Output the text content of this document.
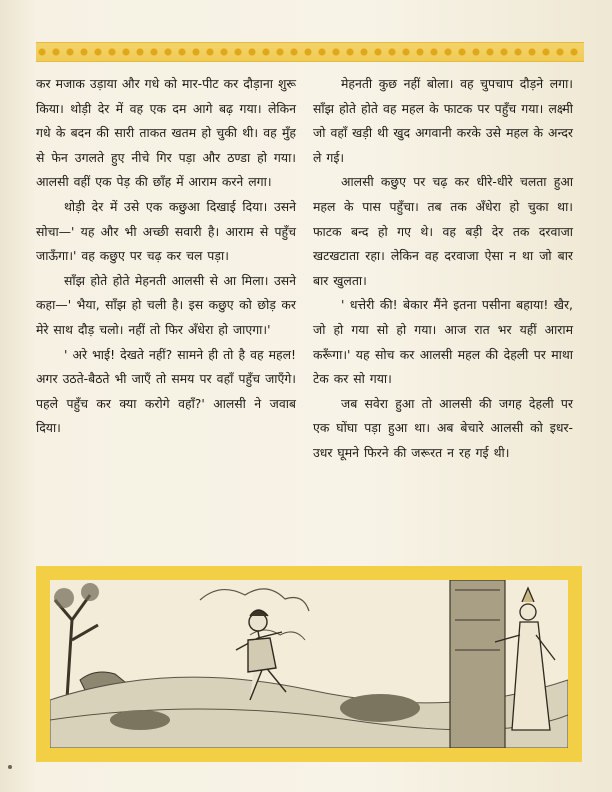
कर मजाक उड़ाया और गधे को मार-पीट कर दौड़ाना शुरू किया। थोड़ी देर में वह एक दम आगे बढ़ गया। लेकिन गधे के बदन की सारी ताकत खतम हो चुकी थी। वह मुँह से फेन उगलते हुए नीचे गिर पड़ा और ठण्डा हो गया। आलसी वहीं एक पेड़ की छाँह में आराम करने लगा।

थोड़ी देर में उसे एक कछुआ दिखाई दिया। उसने सोचा—' यह और भी अच्छी सवारी है। आराम से पहुँच जाऊँगा।' वह कछुए पर चढ़ कर चल पड़ा।

साँझ होते होते मेहनती आलसी से आ मिला। उसने कहा—' भैया, साँझ हो चली है। इस कछुए को छोड़ कर मेरे साथ दौड़ चलो। नहीं तो फिर अँधेरा हो जाएगा।'

' अरे भाई! देखते नहीं? सामने ही तो है वह महल! अगर उठते-बैठते भी जाएँ तो समय पर वहाँ पहुँच जाएँगे। पहले पहुँच कर क्या करोगे वहाँ?' आलसी ने जवाब दिया।

मेहनती कुछ नहीं बोला। वह चुपचाप दौड़ने लगा। साँझ होते होते वह महल के फाटक पर पहुँच गया। लक्ष्मी जो वहाँ खड़ी थी खुद अगवानी करके उसे महल के अन्दर ले गई।

आलसी कछुए पर चढ़ कर धीरे-धीरे चलता हुआ महल के पास पहुँचा। तब तक अँधेरा हो चुका था। फाटक बन्द हो गए थे। वह बड़ी देर तक दरवाजा खटखटाता रहा। लेकिन वह दरवाजा ऐसा न था जो बार बार खुलता।

' धत्तेरी की! बेकार मैंने इतना पसीना बहाया! खैर, जो हो गया सो हो गया। आज रात भर यहीं आराम करूँगा।' यह सोच कर आलसी महल की देहली पर माथा टेक कर सो गया।

जब सवेरा हुआ तो आलसी की जगह देहली पर एक घोंघा पड़ा हुआ था। अब बेचारे आलसी को इधर-उधर घूमने फिरने की जरूरत न रह गई थी।
